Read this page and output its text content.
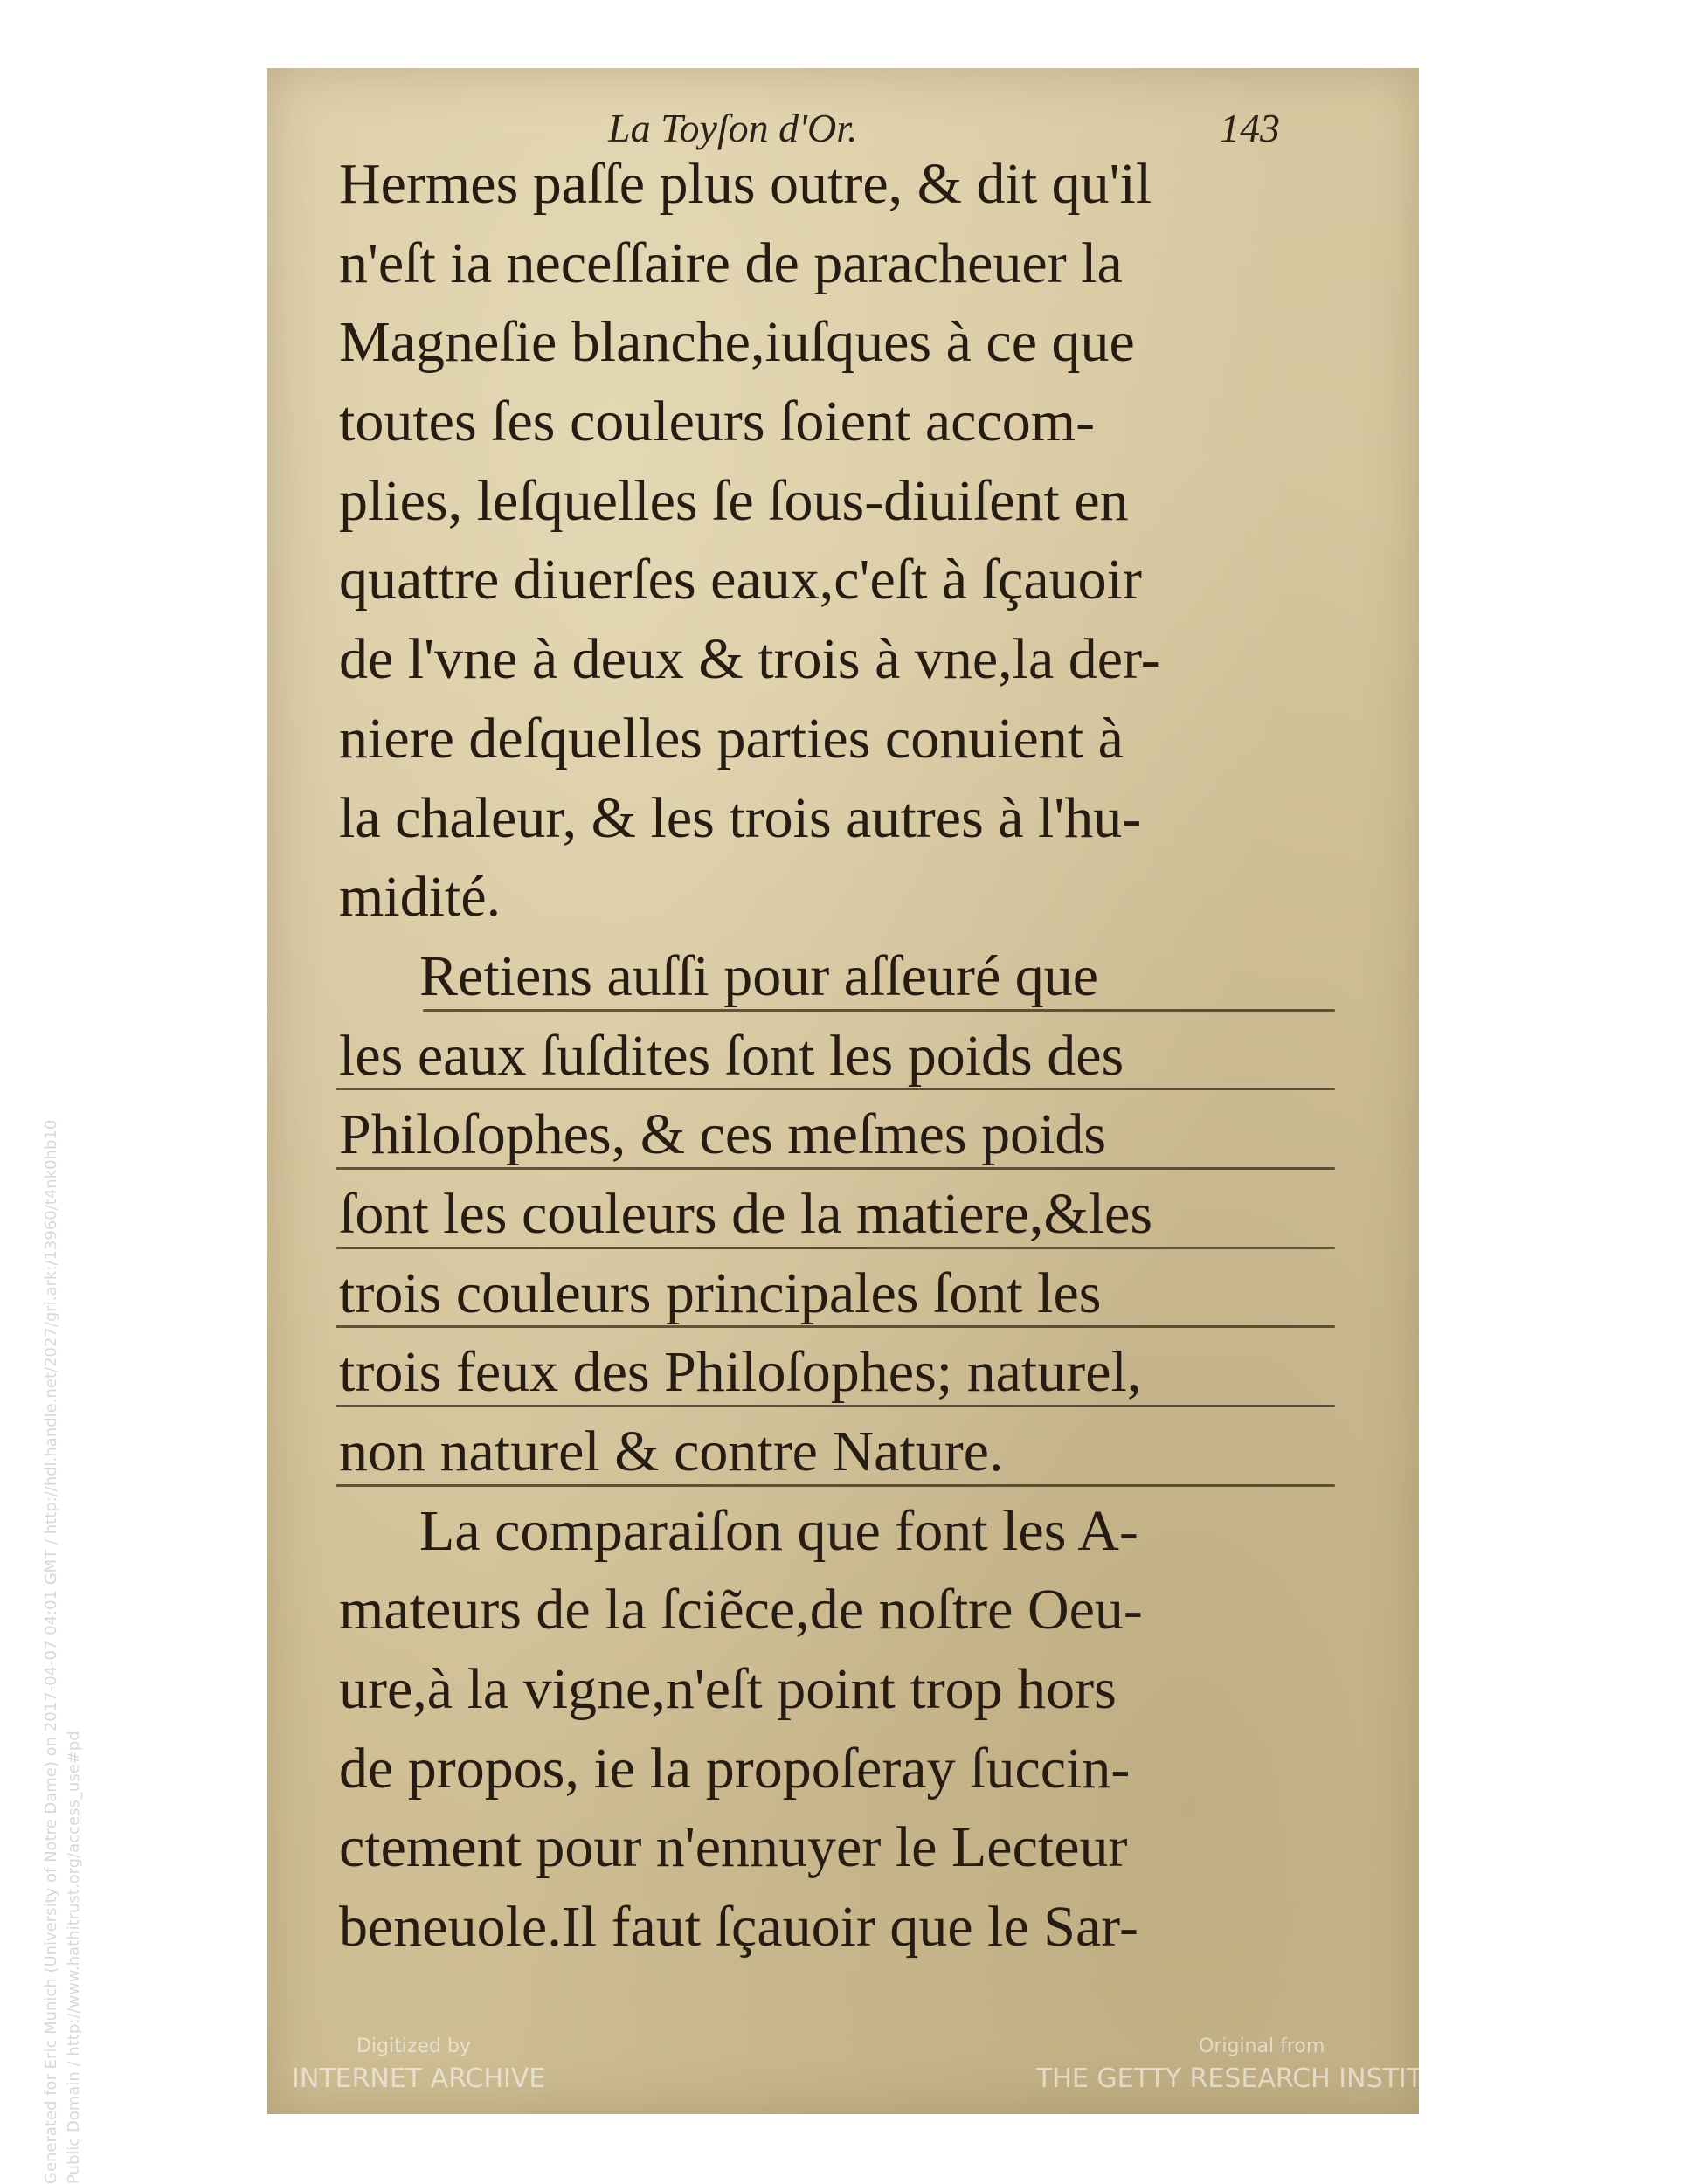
La Toyſon d'Or.	143
Hermes paſſe plus outre, & dit qu'il
n'eſt ia neceſſaire de paracheuer la
Magneſie blanche,iuſques à ce que
toutes ſes couleurs ſoient accom-
plies, leſquelles ſe ſous-diuiſent en
quattre diuerſes eaux,c'eſt à ſçauoir
de l'vne à deux & trois à vne,la der-
niere deſquelles parties conuient à
la chaleur, & les trois autres à l'hu-
midité.
Retiens auſſi pour aſſeuré que
les eaux ſuſdites ſont les poids des
Philoſophes, & ces meſmes poids
ſont les couleurs de la matiere,&les
trois couleurs principales ſont les
trois feux des Philoſophes; naturel,
non naturel & contre Nature.
La comparaiſon que font les A-
mateurs de la ſciẽce,de noſtre Oeu-
ure,à la vigne,n'eſt point trop hors
de propos, ie la propoſeray ſuccin-
ctement pour n'ennuyer le Lecteur
beneuole.Il faut ſçauoir que le Sar-
Digitized by
INTERNET ARCHIVE
Original from
THE GETTY RESEARCH INSTITUTE
Generated for Eric Munich (University of Notre Dame) on 2017-04-07 04:01 GMT / http://hdl.handle.net/2027/gri.ark:/13960/t4nk0hb10 Public Domain / http://www.hathitrust.org/access_use#pd
